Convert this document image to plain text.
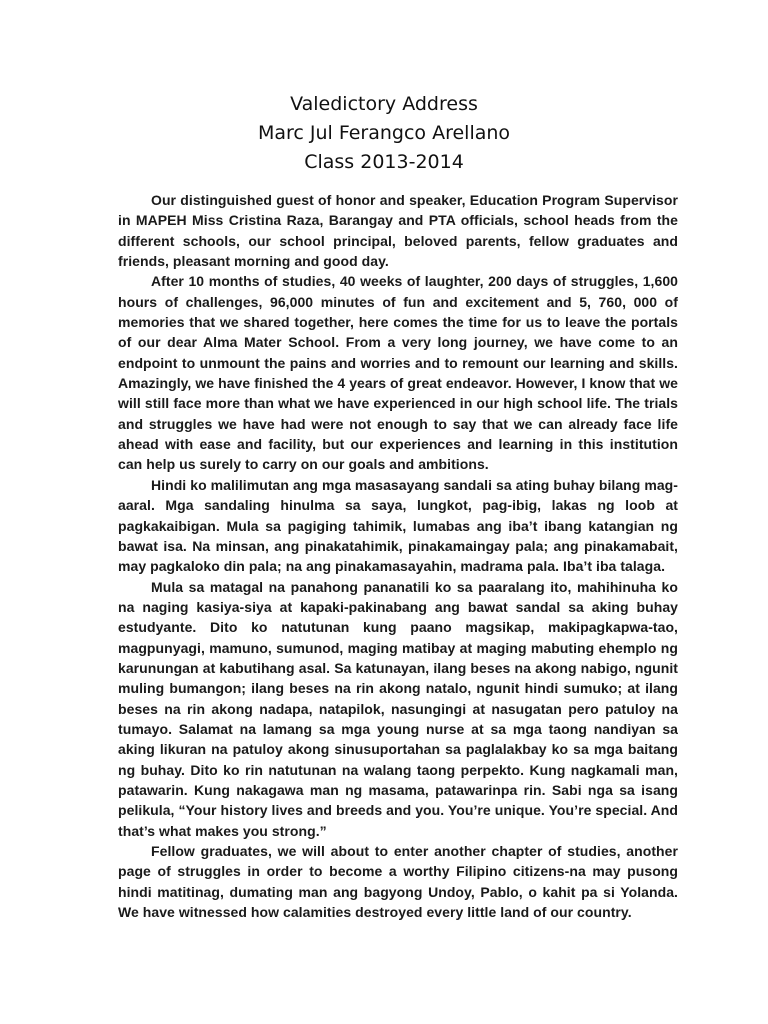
Valedictory Address
Marc Jul Ferangco Arellano
Class 2013-2014

Our distinguished guest of honor and speaker, Education Program Supervisor in MAPEH Miss Cristina Raza, Barangay and PTA officials, school heads from the different schools, our school principal, beloved parents, fellow graduates and friends, pleasant morning and good day.

After 10 months of studies, 40 weeks of laughter, 200 days of struggles, 1,600 hours of challenges, 96,000 minutes of fun and excitement and 5, 760, 000 of memories that we shared together, here comes the time for us to leave the portals of our dear Alma Mater School. From a very long journey, we have come to an endpoint to unmount the pains and worries and to remount our learning and skills. Amazingly, we have finished the 4 years of great endeavor. However, I know that we will still face more than what we have experienced in our high school life. The trials and struggles we have had were not enough to say that we can already face life ahead with ease and facility, but our experiences and learning in this institution can help us surely to carry on our goals and ambitions.

Hindi ko malilimutan ang mga masasayang sandali sa ating buhay bilang mag-aaral. Mga sandaling hinulma sa saya, lungkot, pag-ibig, lakas ng loob at pagkakaibigan. Mula sa pagiging tahimik, lumabas ang iba’t ibang katangian ng bawat isa. Na minsan, ang pinakatahimik, pinakamaingay pala; ang pinakamabait, may pagkaloko din pala; na ang pinakamasayahin, madrama pala. Iba’t iba talaga.

Mula sa matagal na panahong pananatili ko sa paaralang ito, mahihinuha ko na naging kasiya-siya at kapaki-pakinabang ang bawat sandal sa aking buhay estudyante. Dito ko natutunan kung paano magsikap, makipagkapwa-tao, magpunyagi, mamuno, sumunod, maging matibay at maging mabuting ehemplo ng karunungan at kabutihang asal. Sa katunayan, ilang beses na akong nabigo, ngunit muling bumangon; ilang beses na rin akong natalo, ngunit hindi sumuko; at ilang beses na rin akong nadapa, natapilok, nasungingi at nasugatan pero patuloy na tumayo. Salamat na lamang sa mga young nurse at sa mga taong nandiyan sa aking likuran na patuloy akong sinusuportahan sa paglalakbay ko sa mga baitang ng buhay. Dito ko rin natutunan na walang taong perpekto. Kung nagkamali man, patawarin. Kung nakagawa man ng masama, patawarinpa rin. Sabi nga sa isang pelikula, “Your history lives and breeds and you. You’re unique. You’re special. And that’s what makes you strong.”

Fellow graduates, we will about to enter another chapter of studies, another page of struggles in order to become a worthy Filipino citizens-na may pusong hindi matitinag, dumating man ang bagyong Undoy, Pablo, o kahit pa si Yolanda. We have witnessed how calamities destroyed every little land of our country.
